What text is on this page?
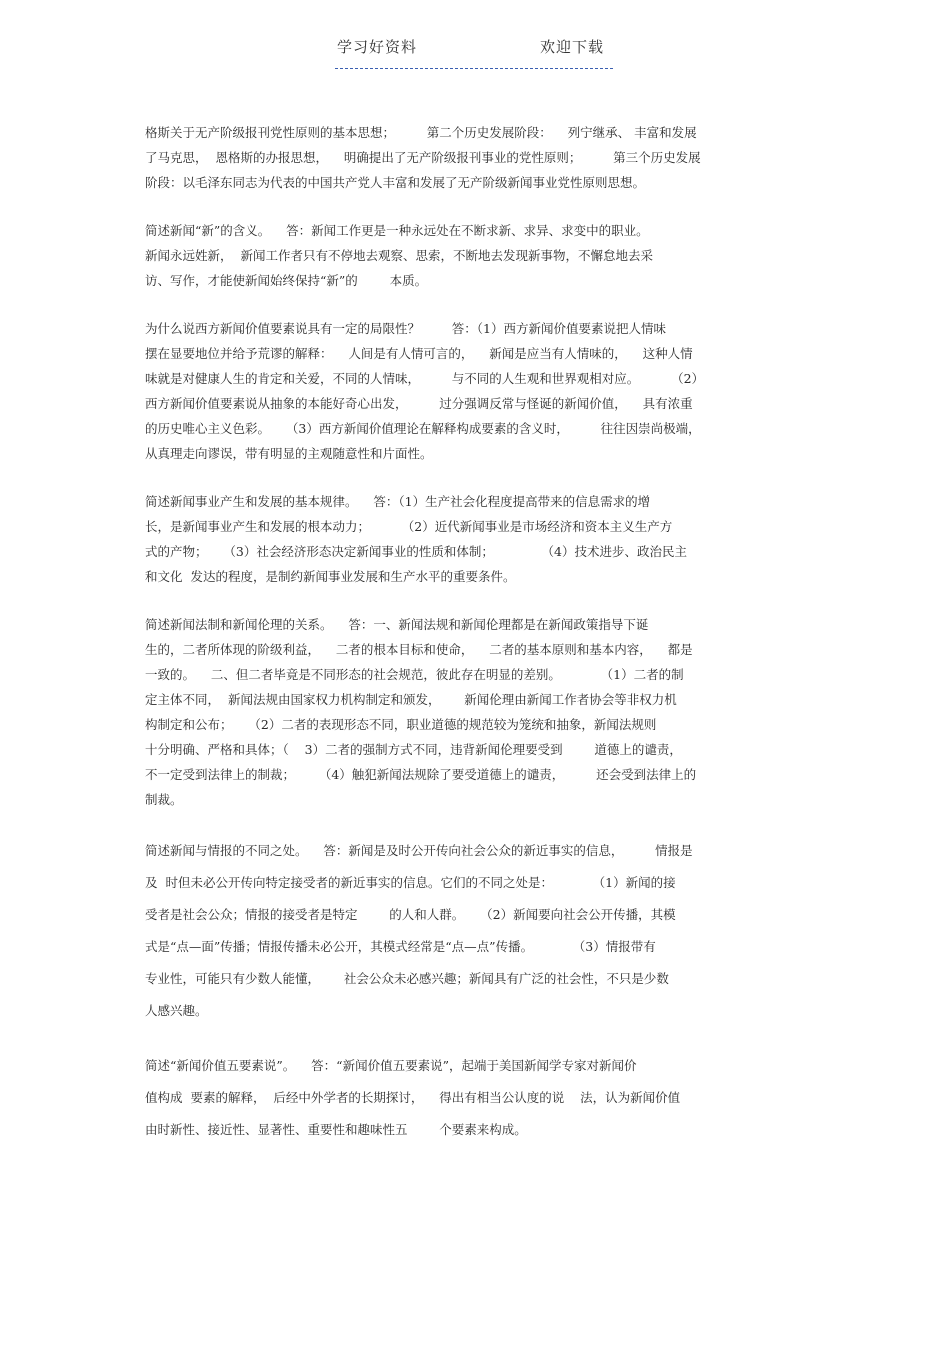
学习好资料	欢迎下载
格斯关于无产阶级报刊党性原则的基本思想；        第二个历史发展阶段：    列宁继承、 丰富和发展
了马克思，  恩格斯的办报思想，    明确提出了无产阶级报刊事业的党性原则；        第三个历史发展
阶段：以毛泽东同志为代表的中国共产党人丰富和发展了无产阶级新闻事业党性原则思想。
简述新闻“新”的含义。    答：新闻工作更是一种永远处在不断求新、求异、求变中的职业。
新闻永远姓新，  新闻工作者只有不停地去观察、思索，不断地去发现新事物，不懈怠地去采
访、写作，才能使新闻始终保持“新”的        本质。
为什么说西方新闻价值要素说具有一定的局限性？        答：（1）西方新闻价值要素说把人情味
摆在显要地位并给予荒谬的解释：    人间是有人情可言的，    新闻是应当有人情味的，    这种人情
味就是对健康人生的肯定和关爱，不同的人情味，        与不同的人生观和世界观相对应。        （2）
西方新闻价值要素说从抽象的本能好奇心出发，        过分强调反常与怪诞的新闻价值，    具有浓重
的历史唯心主义色彩。    （3）西方新闻价值理论在解释构成要素的含义时，        往往因崇尚极端，
从真理走向谬误，带有明显的主观随意性和片面性。
简述新闻事业产生和发展的基本规律。    答：（1）生产社会化程度提高带来的信息需求的增
长，是新闻事业产生和发展的根本动力；        （2）近代新闻事业是市场经济和资本主义生产方
式的产物；    （3）社会经济形态决定新闻事业的性质和体制；            （4）技术进步、政治民主
和文化  发达的程度，是制约新闻事业发展和生产水平的重要条件。
简述新闻法制和新闻伦理的关系。    答：一、新闻法规和新闻伦理都是在新闻政策指导下诞
生的，二者所体现的阶级利益，    二者的根本目标和使命，    二者的基本原则和基本内容，    都是
一致的。    二、但二者毕竟是不同形态的社会规范，彼此存在明显的差别。          （1）二者的制
定主体不同，  新闻法规由国家权力机构制定和颁发，      新闻伦理由新闻工作者协会等非权力机
构制定和公布；    （2）二者的表现形态不同，职业道德的规范较为笼统和抽象，新闻法规则
十分明确、严格和具体；（    3）二者的强制方式不同，违背新闻伦理要受到        道德上的谴责，
不一定受到法律上的制裁；      （4）触犯新闻法规除了要受道德上的谴责，        还会受到法律上的
制裁。
简述新闻与情报的不同之处。    答：新闻是及时公开传向社会公众的新近事实的信息，        情报是
及  时但未必公开传向特定接受者的新近事实的信息。它们的不同之处是：          （1）新闻的接
受者是社会公众；情报的接受者是特定        的人和人群。    （2）新闻要向社会公开传播，其模
式是“点—面”传播；情报传播未必公开，其模式经常是“点—点”传播。          （3）情报带有
专业性，可能只有少数人能懂，      社会公众未必感兴趣；新闻具有广泛的社会性，不只是少数
人感兴趣。
简述“新闻价值五要素说”。    答：“新闻价值五要素说”，起端于美国新闻学专家对新闻价
值构成  要素的解释，  后经中外学者的长期探讨，    得出有相当公认度的说    法，认为新闻价值
由时新性、接近性、显著性、重要性和趣味性五        个要素来构成。
